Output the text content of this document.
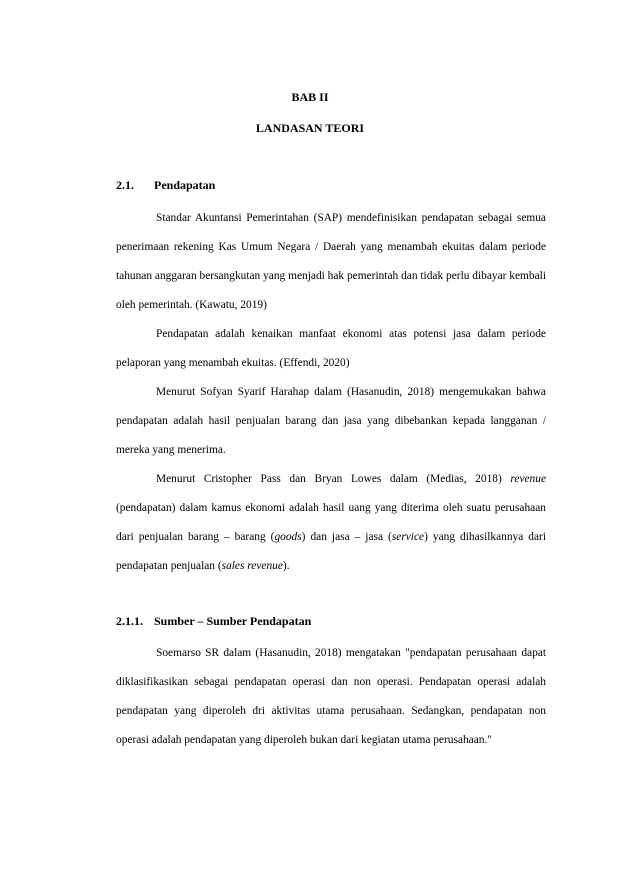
BAB II
LANDASAN TEORI
2.1. Pendapatan

Standar Akuntansi Pemerintahan (SAP) mendefinisikan pendapatan sebagai semua penerimaan rekening Kas Umum Negara / Daerah yang menambah ekuitas dalam periode tahunan anggaran bersangkutan yang menjadi hak pemerintah dan tidak perlu dibayar kembali oleh pemerintah. (Kawatu, 2019)

Pendapatan adalah kenaikan manfaat ekonomi atas potensi jasa dalam periode pelaporan yang menambah ekuitas. (Effendi, 2020)

Menurut Sofyan Syarif Harahap dalam (Hasanudin, 2018) mengemukakan bahwa pendapatan adalah hasil penjualan barang dan jasa yang dibebankan kepada langganan / mereka yang menerima.

Menurut Cristopher Pass dan Bryan Lowes dalam (Medias, 2018) revenue (pendapatan) dalam kamus ekonomi adalah hasil uang yang diterima oleh suatu perusahaan dari penjualan barang – barang (goods) dan jasa – jasa (service) yang dihasilkannya dari pendapatan penjualan (sales revenue).

2.1.1. Sumber – Sumber Pendapatan

Soemarso SR dalam (Hasanudin, 2018) mengatakan "pendapatan perusahaan dapat diklasifikasikan sebagai pendapatan operasi dan non operasi. Pendapatan operasi adalah pendapatan yang diperoleh dri aktivitas utama perusahaan. Sedangkan, pendapatan non operasi adalah pendapatan yang diperoleh bukan dari kegiatan utama perusahaan."
